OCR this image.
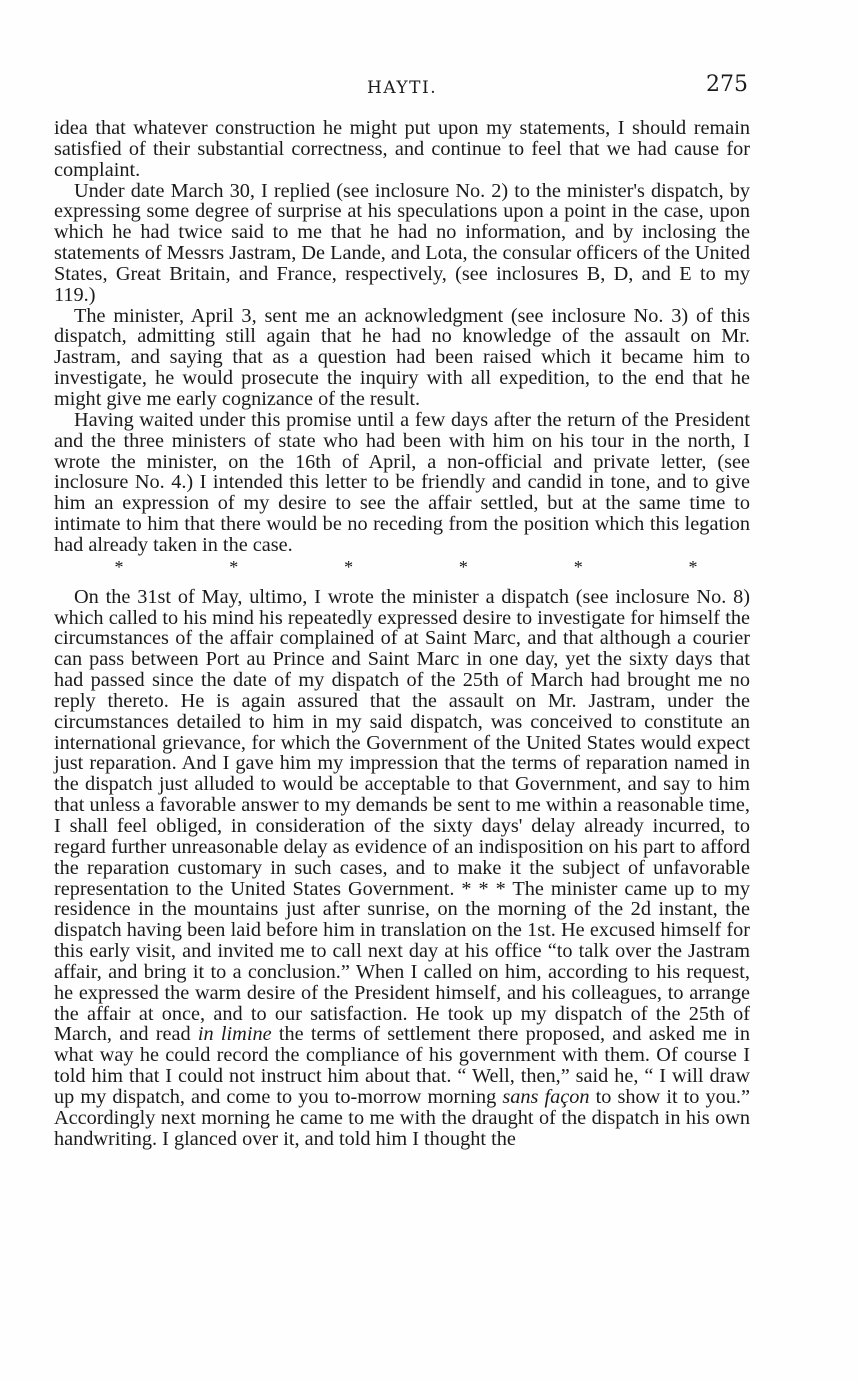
HAYTI.	275

idea that whatever construction he might put upon my statements, I should remain satisfied of their substantial correctness, and continue to feel that we had cause for complaint.

Under date March 30, I replied (see inclosure No. 2) to the minister's dispatch, by expressing some degree of surprise at his speculations upon a point in the case, upon which he had twice said to me that he had no information, and by inclosing the statements of Messrs Jastram, De Lande, and Lota, the consular officers of the United States, Great Britain, and France, respectively, (see inclosures B, D, and E to my 119.)

The minister, April 3, sent me an acknowledgment (see inclosure No. 3) of this dispatch, admitting still again that he had no knowledge of the assault on Mr. Jastram, and saying that as a question had been raised which it became him to investigate, he would prosecute the inquiry with all expedition, to the end that he might give me early cognizance of the result.

Having waited under this promise until a few days after the return of the President and the three ministers of state who had been with him on his tour in the north, I wrote the minister, on the 16th of April, a non-official and private letter, (see inclosure No. 4.) I intended this letter to be friendly and candid in tone, and to give him an expression of my desire to see the affair settled, but at the same time to intimate to him that there would be no receding from the position which this legation had already taken in the case.

*	*	*	*	*	*

On the 31st of May, ultimo, I wrote the minister a dispatch (see inclosure No. 8) which called to his mind his repeatedly expressed desire to investigate for himself the circumstances of the affair complained of at Saint Marc, and that although a courier can pass between Port au Prince and Saint Marc in one day, yet the sixty days that had passed since the date of my dispatch of the 25th of March had brought me no reply thereto. He is again assured that the assault on Mr. Jastram, under the circumstances detailed to him in my said dispatch, was conceived to constitute an international grievance, for which the Government of the United States would expect just reparation. And I gave him my impression that the terms of reparation named in the dispatch just alluded to would be acceptable to that Government, and say to him that unless a favorable answer to my demands be sent to me within a reasonable time, I shall feel obliged, in consideration of the sixty days' delay already incurred, to regard further unreasonable delay as evidence of an indisposition on his part to afford the reparation customary in such cases, and to make it the subject of unfavorable representation to the United States Government. * * * The minister came up to my residence in the mountains just after sunrise, on the morning of the 2d instant, the dispatch having been laid before him in translation on the 1st. He excused himself for this early visit, and invited me to call next day at his office “to talk over the Jastram affair, and bring it to a conclusion.” When I called on him, according to his request, he expressed the warm desire of the President himself, and his colleagues, to arrange the affair at once, and to our satisfaction. He took up my dispatch of the 25th of March, and read in limine the terms of settlement there proposed, and asked me in what way he could record the compliance of his government with them. Of course I told him that I could not instruct him about that. “ Well, then,” said he, “ I will draw up my dispatch, and come to you to-morrow morning sans façon to show it to you.” Accordingly next morning he came to me with the draught of the dispatch in his own handwriting. I glanced over it, and told him I thought the
